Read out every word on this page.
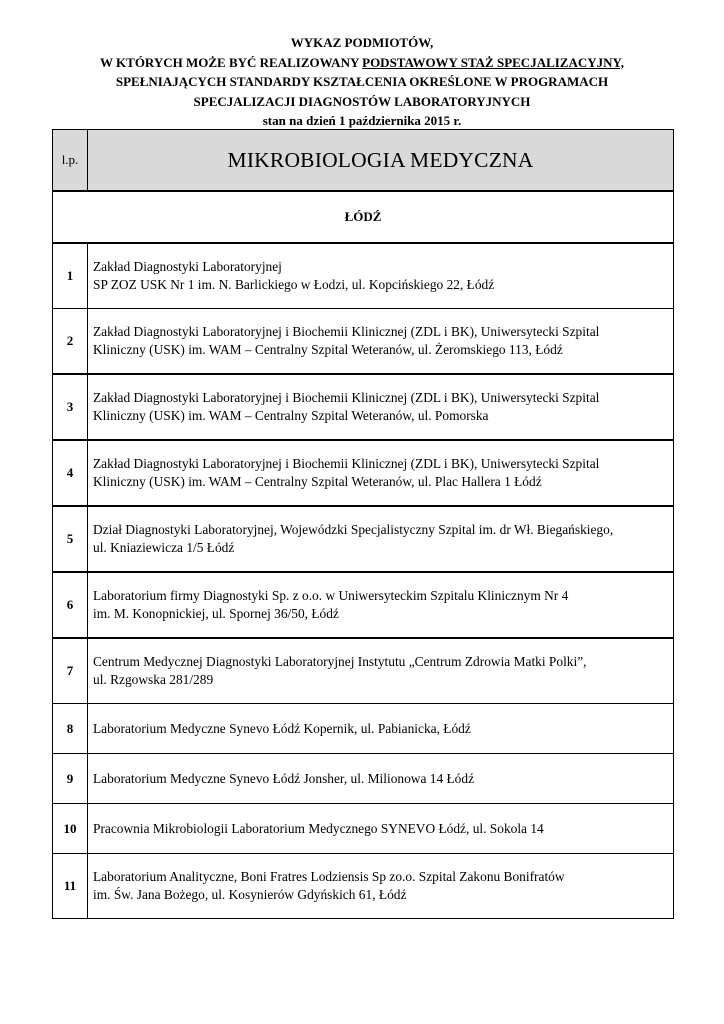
WYKAZ PODMIOTÓW,
W KTÓRYCH MOŻE BYĆ REALIZOWANY PODSTAWOWY STAŻ SPECJALIZACYJNY,
SPEŁNIAJĄCYCH STANDARDY KSZTAŁCENIA OKREŚLONE W PROGRAMACH
SPECJALIZACJI DIAGNOSTÓW LABORATORYJNYCH
stan na dzień 1 października 2015 r.
l.p.	MIKROBIOLOGIA MEDYCZNA
ŁÓDŹ	
1	Zakład Diagnostyki Laboratoryjnej
SP ZOZ USK Nr 1 im. N. Barlickiego w Łodzi, ul. Kopcińskiego 22, Łódź
2	Zakład Diagnostyki Laboratoryjnej i Biochemii Klinicznej (ZDL i BK), Uniwersytecki Szpital
Kliniczny (USK) im. WAM – Centralny Szpital Weteranów, ul. Żeromskiego 113, Łódź
3	Zakład Diagnostyki Laboratoryjnej i Biochemii Klinicznej (ZDL i BK), Uniwersytecki Szpital
Kliniczny (USK) im. WAM – Centralny Szpital Weteranów, ul. Pomorska
4	Zakład Diagnostyki Laboratoryjnej i Biochemii Klinicznej (ZDL i BK), Uniwersytecki Szpital
Kliniczny (USK) im. WAM – Centralny Szpital Weteranów, ul. Plac Hallera 1 Łódź
5	Dział Diagnostyki Laboratoryjnej, Wojewódzki Specjalistyczny Szpital im. dr Wł. Biegańskiego,
ul. Kniaziewicza 1/5 Łódź
6	Laboratorium firmy Diagnostyki Sp. z o.o. w Uniwersyteckim Szpitalu Klinicznym Nr 4
im. M. Konopnickiej, ul. Spornej 36/50, Łódź
7	Centrum Medycznej Diagnostyki Laboratoryjnej Instytutu „Centrum Zdrowia Matki Polki”,
ul. Rzgowska 281/289
8	Laboratorium Medyczne Synevo Łódź Kopernik, ul. Pabianicka, Łódź
9	Laboratorium Medyczne Synevo Łódź Jonsher, ul. Milionowa 14 Łódź
10	Pracownia Mikrobiologii Laboratorium Medycznego SYNEVO Łódź, ul. Sokola 14
11	Laboratorium Analityczne, Boni Fratres Lodziensis Sp zo.o. Szpital Zakonu Bonifratów
im. Św. Jana Bożego, ul. Kosynierów Gdyńskich 61, Łódź
